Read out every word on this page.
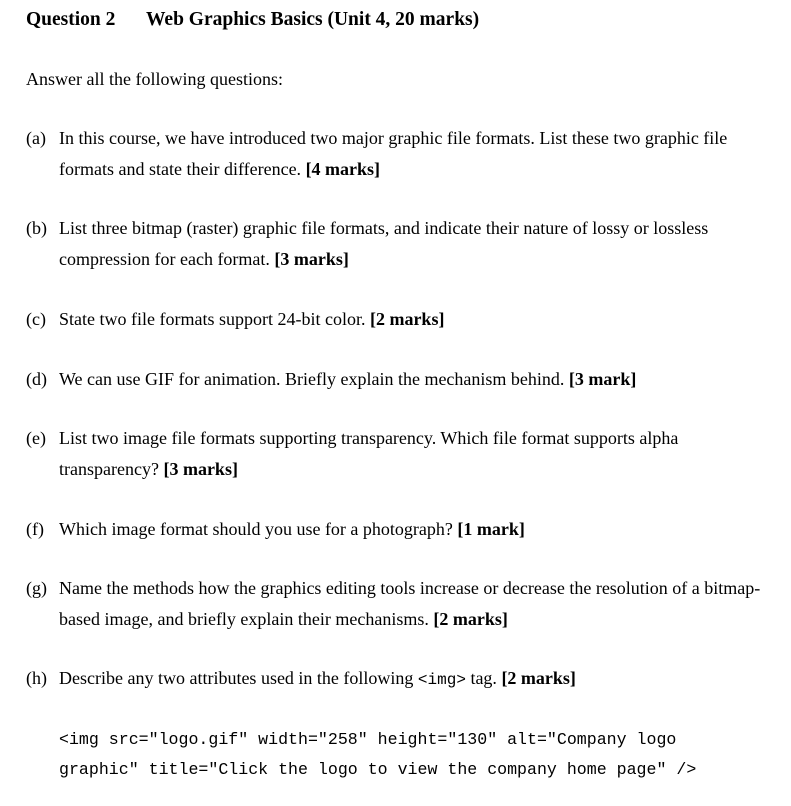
Question 2 Web Graphics Basics (Unit 4, 20 marks)
Answer all the following questions:
(a) In this course, we have introduced two major graphic file formats. List these two graphic file formats and state their difference. [4 marks]
(b) List three bitmap (raster) graphic file formats, and indicate their nature of lossy or lossless compression for each format. [3 marks]
(c) State two file formats support 24-bit color. [2 marks]
(d) We can use GIF for animation. Briefly explain the mechanism behind. [3 mark]
(e) List two image file formats supporting transparency. Which file format supports alpha transparency? [3 marks]
(f) Which image format should you use for a photograph? [1 mark]
(g) Name the methods how the graphics editing tools increase or decrease the resolution of a bitmap-based image, and briefly explain their mechanisms. [2 marks]
(h) Describe any two attributes used in the following <img> tag. [2 marks]
<img src="logo.gif" width="258" height="130" alt="Company logo
graphic" title="Click the logo to view the company home page" />
